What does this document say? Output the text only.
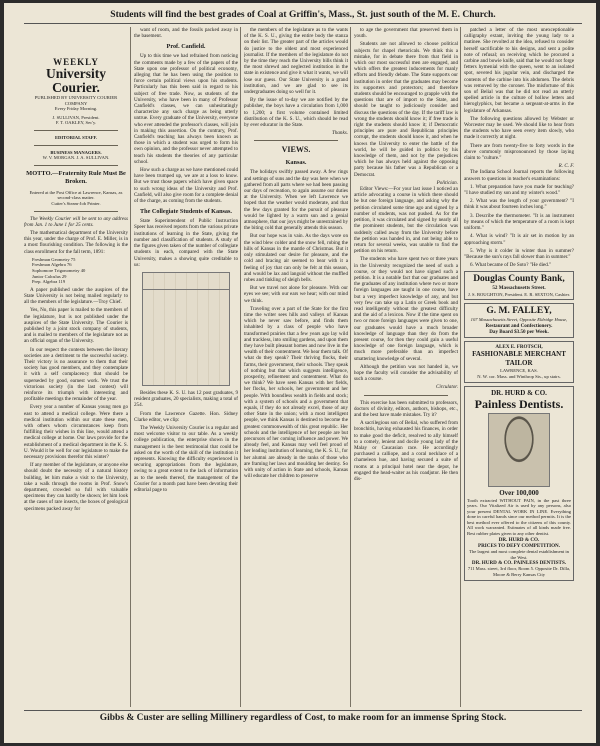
Students will find the best grades of Coal at Griffin's, Mass., St. just south of the M. E. Church.
WEEKLY
University Courier.
PUBLISHED BY UNIVERSITY COURIER COMPANY
Every Friday Morning.
J. SULLIVAN, President.
F. T. OAKLEY, Sec'y.
EDITORIAL STAFF.
BUSINESS MANAGERS.
W. V. MORGAN. J. A. SULLIVAN.
MOTTO.—Fraternity Rule Must Be Broken.
Entered at the Post Office at Lawrence, Kansas, as second-class matter.
Cutter's Steam-Job Printer.

The Weekly Courier will be sent to any address from Jan. 1 to June 1 for 25 cents.

The mathematical department of the University this year, under the charge of Prof. E. Miller, is in a most flourishing condition. The following is the class enrollment for the fall term, 1891:

Freshman Geometry 75
Freshman Algebra 76
Sophomore Trigonometry 40
Junior Calculus 29
Prep. Algebra 119

A paper published under the auspices of the State University is not being mailed regularly to all the members of the legislature.—Troy Chief.

Yes, No, this paper is mailed to the members of the legislature, but is not published under the auspices of the State University. The Courier is published by a joint stock company of students, and is mailed to members of the legislature not as an official organ of the University.

In our respect the contests between the literary societies are a detriment to the successful society. Their victory is no assurance to them that their society has good members, and they contemplate it with a self complacency that should be superseded by good, earnest work. We trust the victorious society (in the last contest) will reinforce its triumph with interesting and profitable meetings the remainder of the year.

Every year a number of Kansas young men go east to attend a medical college. Were there a medical institution within our state these men, with others whom circumstances keep from fulfilling their wishes in this line, would attend a medical college at home. Our laws provide for the establishment of a medical department in the K. S. U. Would it be well for our legislature to make the necessary provisions therefor this winter?

If any member of the legislature, or anyone else should doubt the necessity of a natural history building, let him make a visit to the University, take a walk through the rooms in Prof. Snow's department, crowded so full with valuable specimens they can hardly be shown; let him look at the cases of rare insects, the boxes of geological specimens packed away for

want of room, and the fossils packed away in the basement.

Prof. Canfield.

Up to this time we had refrained from noticing the comments made by a few of the papers of the State upon one professor of political economy, alleging that he has been using the position to force certain political views upon his students. Particularly has this been said in regard to his subject of free trade. Now, as students of the University, who have been in many of Professor Canfield's classes, we can unhesitatingly characterize any such charge as being utterly untrue. Every graduate of the University, everyone who ever attended the professor's classes, will join in making this assertion. On the contrary, Prof. Canfield's teaching has always been known as those in which a student was urged to form his own opinion, and the professor never attempted to teach his students the theories of any particular school.

How such a charge as we have mentioned could have been trumped up, we are at a loss to know. But we trust those papers which have given space to such wrong ideas of the University and Prof. Canfield, will also give room for a complete denial of the charge, as coming from the students.

The Collegiate Students of Kansas.

State Superintendent of Public Instruction Speer has received reports from the various private institutions of learning in the State, giving the number and classification of students. A study of the figures given taken of the number of collegiate students in each, compared with the State University, makes a showing quite creditable to us:

Besides these K. S. U. has 12 post graduates, 9 resident graduates, 20 specialists, making a total of 254.

From the Lawrence Gazette. Hon. Sidney Clarke editor, we clip:

The Weekly University Courier is a regular and most welcome visitor to our table. As a weekly college publication, the enterprise shown in the management is the best testimonial that could be asked on the worth of the skill of the institution it represents. Knowing the difficulty experienced in securing appropriations from the legislature, owing to a great extent to the lack of information as to the needs thereof, the management of the Courier for a month past have been devoting their editorial page to

the members of the legislature as to the wants of the K. S. U., giving the entire body the stanza on their list. The greater part of the articles would do justice to the oldest and most experienced journalist. If the members of the legislature do not by the time they reach the University bills think it the most shrewd and neglected institution in the state in existence and give it what it wants, we will lose our guess. Our State University is a grand institution, and we are glad to see its undergraduates doing so well for it.

By the issue of to-day we are notified by the publisher, the boys have a circulation from 1,000 to 1,200; a first volume contained limited distribution of the K. S. U., which should be read by ever educator in the State.

Thanks.
VIEWS.
Kansas.

The holidays swiftly passed away. A few rings and settings of suns and the day was here when we gathered from all parts where we had been passing our days of recreation, to again assume our duties at the University. When we left Lawrence we hoped that the weather would moderate, and that the few days granted for the pursuit of pleasure would be lighted by a warm sun and a genial atmosphere, that our joys might be unrestrained by the biting cold that generally attends this season.

But our hope was in vain. As the days wore on the wind blew colder and the snow fell, robing the hills of Kansas in the mantle of Christmas. But it only stimulated our desire for pleasure, and the cold and bracing air seemed to bear with it a feeling of joy that can only be felt at this season, and would be lax and languid without the muffled robes and tinkling of sleigh bells.

But we travel not alone for pleasure. With our eyes we see; with our ears we hear; with our mind we think.

Traveling over a part of the State for the first time the writer sees hills and valleys of Kansas which he never saw before, and finds them inhabited by a class of people who have transformed prairies that a few years ago lay wild and trackless, into smiling gardens, and upon them they have built pleasant homes and now live in the wealth of their contentment. We hear them talk. Of what do they speak? Their thriving flocks, their farms, their government, their schools. They speak of nothing but that which suggests intelligence, prosperity, refinement and contentment. What do we think? We have seen Kansas with her fields, her flocks, her schools, her government and her people. With boundless wealth in fields and stock; with a system of schools and a government that equals, if they do not already excel, those of any other State in the union; with a most intelligent people, we think Kansas is destined to become the greatest commonwealth of this great republic. Her schools and the intelligence of her people are but precursors of her coming influence and power. We already feel, and Kansas may well feel proud of her leading institution of learning, the K. S. U., for her alumni are already in the ranks of those who are framing her laws and moulding her destiny. So with unity of action in State and schools, Kansas will educate her children to preserve

to age the government that preserved them in youth.

Students are not allowed to choose political subjects for chapel rhetoricals. We think this a mistake, for in debate there from that field in which our most successful men are engaged, and which offers the greatest inducements for manly efforts and friendly debate. The State supports our institution in order that the graduates may become its supporters and protectors; and therefore students should be encouraged to grapple with the questions that are of import to the State, and should be taught to judiciously consider and discuss the questions of the day. If the tariff law is wrong the students should know it; if free trade is right the students should know it; if Democratic principles are pure and Republican principles corrupt, the students should know it, and when he knows the University to enter the battle of the world, he will be guided in politics by his knowledge of them, and not by the prejudices which he has always held against the opposing party because his father was a Republican or a Democrat.

Politician.

Editor Views:—For your last issue I noticed an article advocating a course in which there should be but one foreign language, and asking why the petition circulated some time ago and signed by a number of students, was not pushed. As for the petition, it was circulated and signed by nearly all the prominent students, but the circulation was suddenly called away from the University before the petition was handed in, and not being able to return for several weeks, was unable to find the petition on his return.

The students who have spent two or three years in the University recognized the need of such a course, or they would not have signed such a petition. It is a notable fact that our graduates and the graduates of any institution where two or more foreign languages are taught in one course, have but a very imperfect knowledge of any, and but very few can take up a Latin or Greek book and read intelligently without the greatest difficulty and the aid of a lexicon. Now if the time spent on two or more foreign languages were given to one, our graduates would have a much broader knowledge of language than they do from the present course, for then they could gain a useful knowledge of one foreign language, which is much more preferable than an imperfect smattering knowledge of several.

Although the petition was not handed in, we hope the faculty will consider the advisability of such a course.

Circulator.

This exercise has been submitted to professors, doctors of divinity, editors, authors, bishops, etc., and the best have made mistakes. Try it?

A sacrilegious son of Belial, who suffered from bronchitis, having exhausted his finances, in order to make good the deficit, resolved to ally himself to a comely, lenient and docile young lady of the Malay or Caucasian race. He accordingly purchased a calliope, and a coral necklace of a chameleon hue, and having secured a suite of rooms at a principal hotel near the depot, he engaged the head-waiter as his coadjutor. He then dis-

patched a letter of the most unexceptionable calligraphy extant, inviting the young lady to a matinee. She revolted at the idea, refused to consider herself sacrificable to his designs, and sent a polite note of refusal; on receiving which he procured a carbine and bowie knife, said that he would not forge fetters hymenial with the queen, went to an isolated spot, severed his jugular vein, and discharged the contents of the carbine into his abdomen. The debris was removed by the coroner. The misfortune of this son of Belial was that he did not read an utterly spelled article in the culture of hollow letters and hieroglyphics, but became a sergeant-at-arms in the legislature of Arkansas.

The following questions allowed by Webster or Worcester may be used. We should like to hear from the students who have seen every item slowly, who made it correctly at night.

There are from twenty-five to forty words in the above commonly mispronounced by those laying claim to "culture."

R. C. F.

The Indiana School Journal reports the following answers to questions in teacher's examinations:

1. What preparation have you made for teaching? "I have studied my son and my winter's wood."

2. What was the length of your government? "I think it was about fourteen inches long."

3. Describe the thermometer. "It is an instrument by means of which the temperature of a room is kept uniform."

4. What is wind? "It is air set in motion by an approaching storm."

5. Why is it colder in winter than in summer? "Because the sun's rays fall slower than in summer."

6. What became of De Soto? "He died."

Douglas County Bank,
52 Massachusetts Street.
J. S. BOUGHTON, President. E. R. SEXTON, Cashier.
G. M. FALLEY,
107 Massachusetts Street, Opposite Eldridge House,
Restaurant and Confectionery.
Day Board $3.50 per Week.
ALEX E. FROTSCH,
FASHIONABLE MERCHANT TAILOR
LAWRENCE, KAS.
N. W. cor. Mass. and Winthrop Sts., up stairs.
DR. HURD & CO.
Painless Dentists.
Over 100,000
Tooth extracted WITHOUT PAIN, in the past three years. Our Vitalized Air is used by any persons, also your present DENTAL WORK IN LINE. Everything done in careful hands since our method permits. It is the best method ever offered to the citizens of this county. All work warranted. Estimates of all kinds made free. Best rubber plates given to any other dentist.
DR. HURD & CO.
PRICES TO DEFY COMPETITION.
The largest and most complete dental establishment in the West.
DR. HURD & CO. PAINLESS DENTISTS.
711 Mass. street, 3rd floor, Room 5. Opposite Dr. Dilla, Moore & Berry Kansas City
Gibbs & Custer are selling Millinery regardless of Cost, to make room for an immense Spring Stock.
